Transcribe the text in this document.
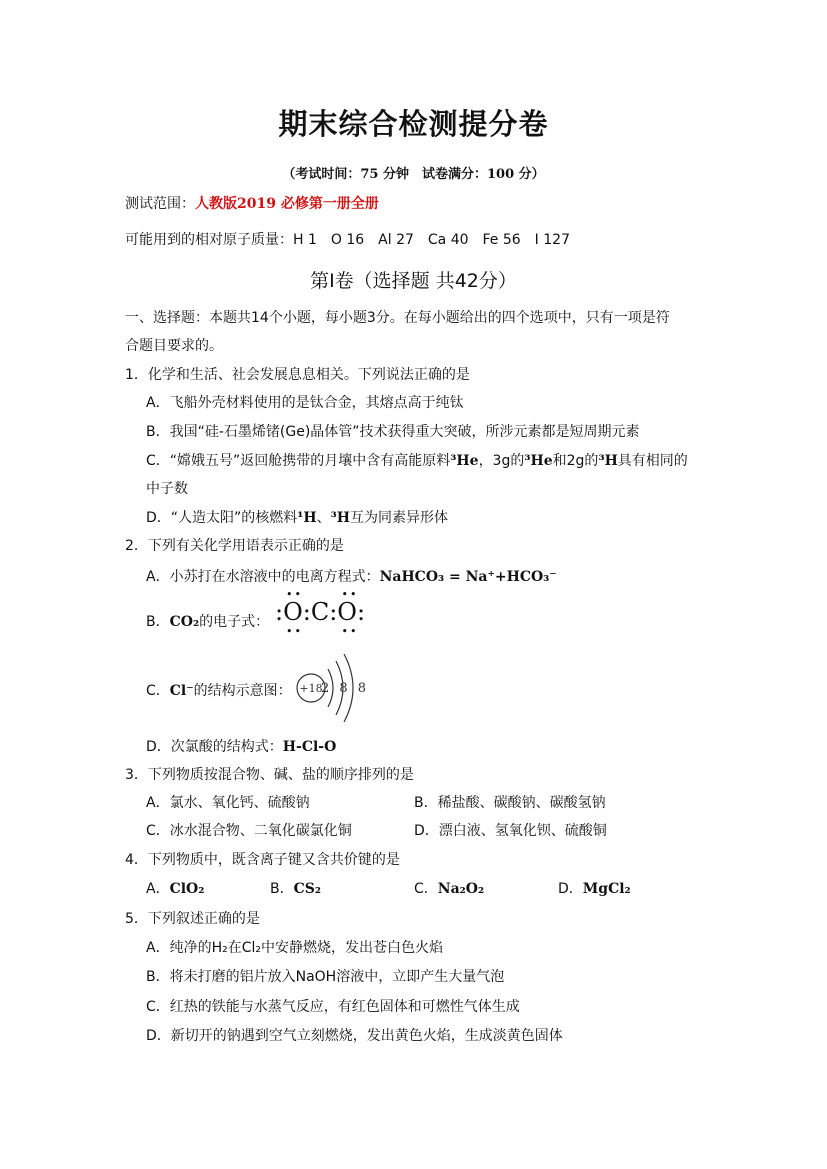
期末综合检测提分卷
（考试时间：75 分钟　试卷满分：100 分）
测试范围：人教版2019 必修第一册全册
可能用到的相对原子质量：H 1　O 16　Al 27　Ca 40　Fe 56　I 127
第Ⅰ卷（选择题 共42分）
一、选择题：本题共14个小题，每小题3分。在每小题给出的四个选项中，只有一项是符
合题目要求的。
1．化学和生活、社会发展息息相关。下列说法正确的是
A．飞船外壳材料使用的是钛合金，其熔点高于纯钛
B．我国“硅-石墨烯锗(Ge)晶体管”技术获得重大突破，所涉元素都是短周期元素
C．“嫦娥五号”返回舱携带的月壤中含有高能原料³He，3g的³He和2g的³H具有相同的
中子数
D．“人造太阳”的核燃料¹H、³H互为同素异形体
2．下列有关化学用语表示正确的是
A．小苏打在水溶液中的电离方程式：NaHCO₃ = Na⁺+HCO₃⁻
B．CO₂的电子式： :O:C:O:
••       ••
••       ••
C．Cl⁻的结构示意图： +18
2 8 8
D．次氯酸的结构式：H-Cl-O
3．下列物质按混合物、碱、盐的顺序排列的是
A．氯水、氧化钙、硫酸钠	B．稀盐酸、碳酸钠、碳酸氢钠
C．冰水混合物、二氧化碳氯化铜	D．漂白液、氢氧化钡、硫酸铜
4．下列物质中，既含离子键又含共价键的是
A．ClO₂	B．CS₂	C．Na₂O₂	D．MgCl₂
5．下列叙述正确的是
A．纯净的H₂在Cl₂中安静燃烧，发出苍白色火焰
B．将未打磨的铝片放入NaOH溶液中，立即产生大量气泡
C．红热的铁能与水蒸气反应，有红色固体和可燃性气体生成
D．新切开的钠遇到空气立刻燃烧，发出黄色火焰，生成淡黄色固体
